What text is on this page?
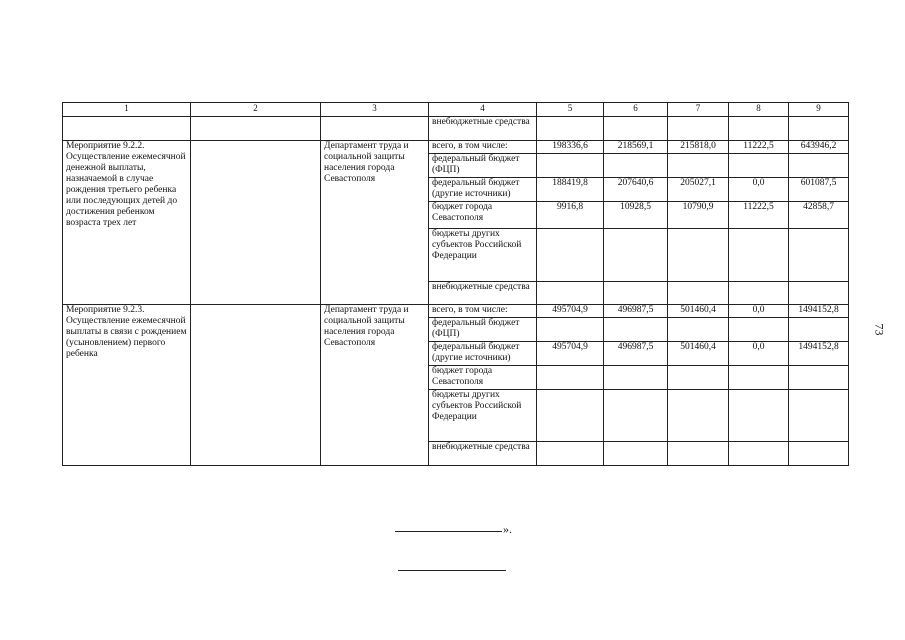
1	2	3	4	5	6	7	8	9
			внебюджетные средства					
Мероприятие 9.2.2. Осуществление ежемесячной денежной выплаты, назначаемой в случае рождения третьего ребенка или последующих детей до достижения ребенком возраста трех лет		Департамент труда и социальной защиты населения города Севастополя	всего, в том числе:	198336,6	218569,1	215818,0	11222,5	643946,2
			федеральный бюджет (ФЦП)					
			федеральный бюджет (другие источники)	188419,8	207640,6	205027,1	0,0	601087,5
			бюджет города Севастополя	9916,8	10928,5	10790,9	11222,5	42858,7
			бюджеты других субъектов Российской Федерации					
			внебюджетные средства					
Мероприятие 9.2.3. Осуществление ежемесячной выплаты в связи с рождением (усыновлением) первого ребенка		Департамент труда и социальной защиты населения города Севастополя	всего, в том числе:	495704,9	496987,5	501460,4	0,0	1494152,8
			федеральный бюджет (ФЦП)					
			федеральный бюджет (другие источники)	495704,9	496987,5	501460,4	0,0	1494152,8
			бюджет города Севастополя					
			бюджеты других субъектов Российской Федерации					
			внебюджетные средства					
73
».
